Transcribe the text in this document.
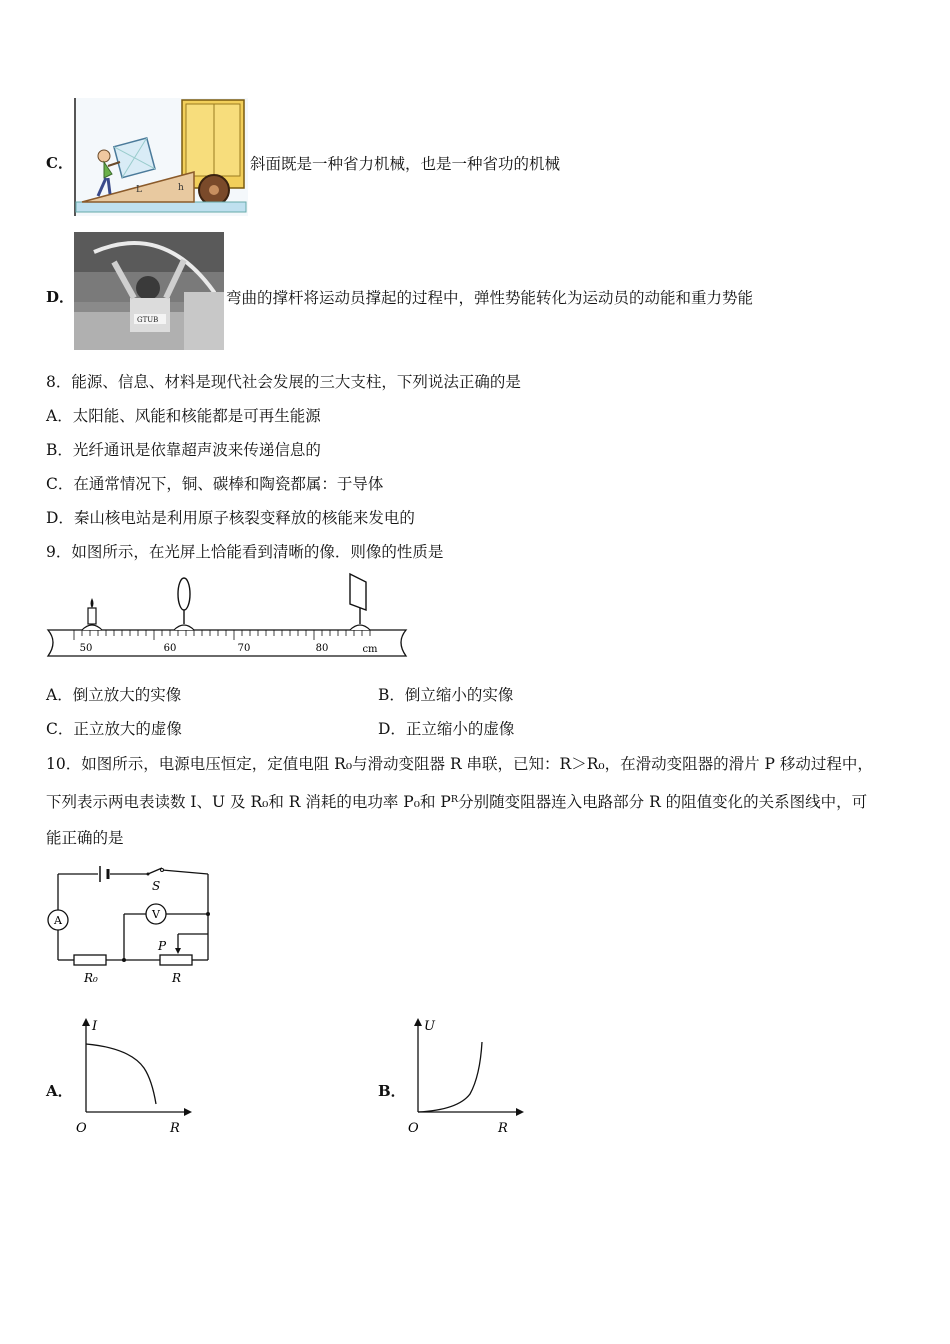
C．
L	h
斜面既是一种省力机械，也是一种省功的机械
D．
GTUB
弯曲的撑杆将运动员撑起的过程中，弹性势能转化为运动员的动能和重力势能
8．能源、信息、材料是现代社会发展的三大支柱，下列说法正确的是
A．太阳能、风能和核能都是可再生能源
B．光纤通讯是依靠超声波来传递信息的
C．在通常情况下，铜、碳棒和陶瓷都属：于导体
D．秦山核电站是利用原子核裂变释放的核能来发电的
9．如图所示，在光屏上恰能看到清晰的像．则像的性质是
50	60	70	80	cm
A．倒立放大的实像	B．倒立缩小的实像
C．正立放大的虚像	D．正立缩小的虚像
10．如图所示，电源电压恒定，定值电阻 R₀与滑动变阻器 R 串联，已知：R＞R₀，在滑动变阻器的滑片 P 移动过程中，
下列表示两电表读数 I、U 及 R₀和 R 消耗的电功率 P₀和 Pᴿ分别随变阻器连入电路部分 R 的阻值变化的关系图线中，可
能正确的是
S
A	V
P
R₀	R
A．
I
R
O
B．
U
R
O
